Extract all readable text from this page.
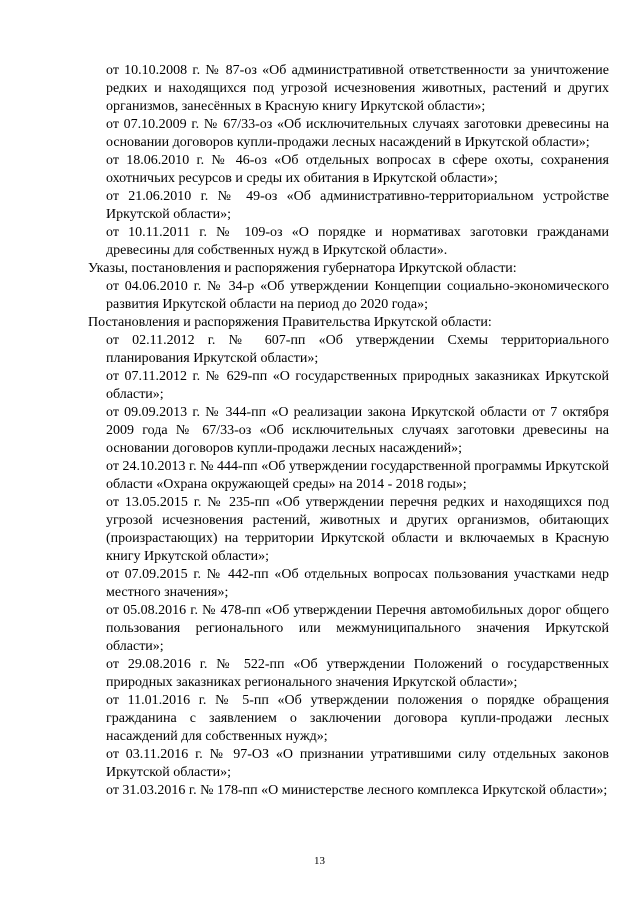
от 10.10.2008 г. № 87-оз «Об административной ответственности за уничтожение редких и находящихся под угрозой исчезновения животных, растений и других организмов, занесённых в Красную книгу Иркутской области»;

от 07.10.2009 г. № 67/33-оз «Об исключительных случаях заготовки древесины на основании договоров купли-продажи лесных насаждений в Иркутской области»;

от 18.06.2010 г. № 46-оз «Об отдельных вопросах в сфере охоты, сохранения охотничьих ресурсов и среды их обитания в Иркутской области»;

от 21.06.2010 г. № 49-оз «Об административно-территориальном устройстве Иркутской области»;

от 10.11.2011 г. № 109-оз «О порядке и нормативах заготовки гражданами древесины для собственных нужд в Иркутской области».

Указы, постановления и распоряжения губернатора Иркутской области:

от 04.06.2010 г. № 34-р «Об утверждении Концепции социально-экономического развития Иркутской области на период до 2020 года»;

Постановления и распоряжения Правительства Иркутской области:

от 02.11.2012 г. № 607-пп «Об утверждении Схемы территориального планирования Иркутской области»;

от 07.11.2012 г. № 629-пп «О государственных природных заказниках Иркутской области»;

от 09.09.2013 г. № 344-пп «О реализации закона Иркутской области от 7 октября 2009 года № 67/33-оз «Об исключительных случаях заготовки древесины на основании договоров купли-продажи лесных насаждений»;

от 24.10.2013 г. № 444-пп «Об утверждении государственной программы Иркутской области «Охрана окружающей среды» на 2014 - 2018 годы»;

от 13.05.2015 г. № 235-пп «Об утверждении перечня редких и находящихся под угрозой исчезновения растений, животных и других организмов, обитающих (произрастающих) на территории Иркутской области и включаемых в Красную книгу Иркутской области»;

от 07.09.2015 г. № 442-пп «Об отдельных вопросах пользования участками недр местного значения»;

от 05.08.2016 г. № 478-пп «Об утверждении Перечня автомобильных дорог общего пользования регионального или межмуниципального значения Иркутской области»;

от 29.08.2016 г. № 522-пп «Об утверждении Положений о государственных природных заказниках регионального значения Иркутской области»;

от 11.01.2016 г. № 5-пп «Об утверждении положения о порядке обращения гражданина с заявлением о заключении договора купли-продажи лесных насаждений для собственных нужд»;

от 03.11.2016 г. № 97-ОЗ «О признании утратившими силу отдельных законов Иркутской области»;

от 31.03.2016 г. № 178-пп «О министерстве лесного комплекса Иркутской области»;

13
